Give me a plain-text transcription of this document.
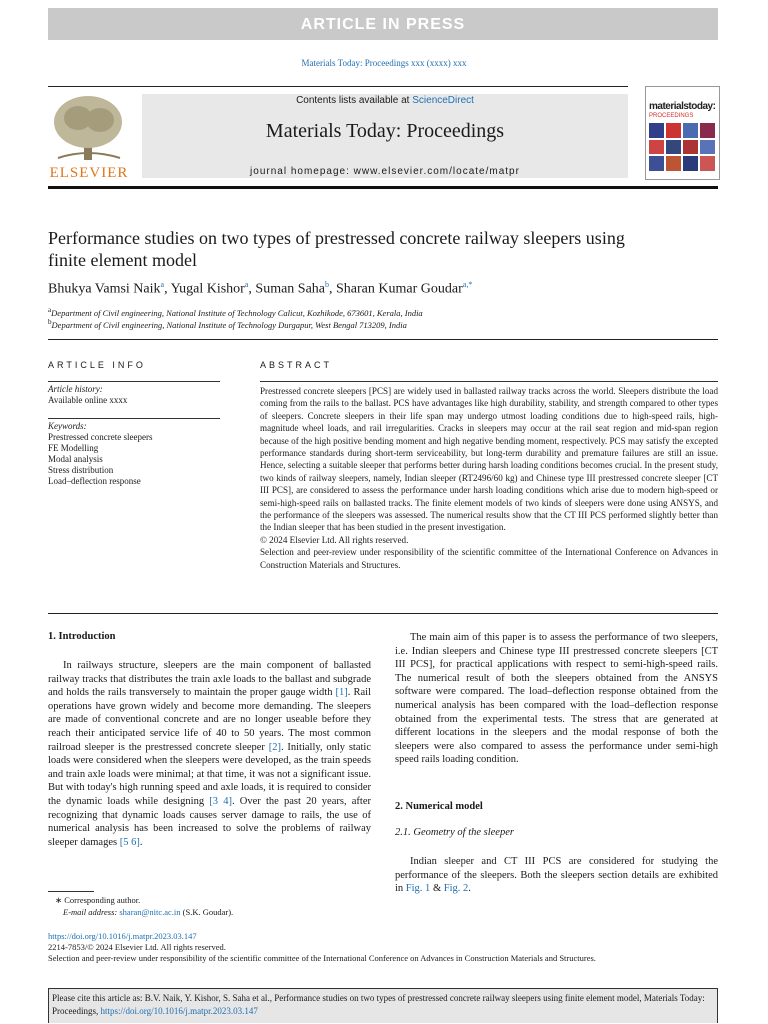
ARTICLE IN PRESS
Materials Today: Proceedings xxx (xxxx) xxx
ELSEVIER
Contents lists available at ScienceDirect
Materials Today: Proceedings
journal homepage: www.elsevier.com/locate/matpr
materialstoday:
PROCEEDINGS
Performance studies on two types of prestressed concrete railway sleepers using finite element model
Bhukya Vamsi Naik$^a$, Yugal Kishor$^a$, Suman Saha$^b$, Sharan Kumar Goudar$^{a,*}$
$^a$Department of Civil engineering, National Institute of Technology Calicut, Kozhikode, 673601, Kerala, India
$^b$Department of Civil engineering, National Institute of Technology Durgapur, West Bengal 713209, India
ARTICLE INFO
Article history:
Available online xxxx
Keywords:
Prestressed concrete sleepers
FE Modelling
Modal analysis
Stress distribution
Load–deflection response
ABSTRACT

Prestressed concrete sleepers [PCS] are widely used in ballasted railway tracks across the world. Sleepers distribute the load coming from the rails to the ballast. PCS have advantages like high durability, stability, and strength compared to other types of sleepers. Concrete sleepers in their life span may undergo utmost loading conditions due to high-speed rails, high-magnitude wheel loads, and rail irregularities. Cracks in sleepers may occur at the rail seat region and mid-span region because of the high positive bending moment and high negative bending moment, respectively. PCS may satisfy the excepted performance standards during short-term serviceability, but long-term durability and premature failures are still an issue. Hence, selecting a suitable sleeper that performs better during harsh loading conditions becomes crucial. In the present study, two kinds of railway sleepers, namely, Indian sleeper (RT2496/60 kg) and Chinese type III prestressed concrete sleeper [CT III PCS], are considered to assess the performance under harsh loading conditions which arise due to modern high-speed or semi-high-speed rails on ballasted tracks. The finite element models of two kinds of sleepers were done using ANSYS, and the performance of the sleepers was assessed. The numerical results show that the CT III PCS performed slightly better than the Indian sleeper that has been studied in the present investigation.

© 2024 Elsevier Ltd. All rights reserved.

Selection and peer-review under responsibility of the scientific committee of the International Conference on Advances in Construction Materials and Structures.

1. Introduction

In railways structure, sleepers are the main component of ballasted railway tracks that distributes the train axle loads to the ballast and subgrade and holds the rails transversely to maintain the proper gauge width [1]. Rail operations have grown widely and become more demanding. The sleepers are made of conventional concrete and are no longer useable before they reach their anticipated service life of 40 to 50 years. The most common railroad sleeper is the prestressed concrete sleeper [2]. Initially, only static loads were considered when the sleepers were developed, as the train speeds and train axle loads were minimal; at that time, it was not a significant issue. But with today's high running speed and axle loads, it is required to consider the dynamic loads while designing [3 4]. Over the past 20 years, after recognizing that dynamic loads causes server damage to rails, the use of numerical analysis has been increased to solve the problems of railway sleeper damages [5 6].

∗ Corresponding author.
E-mail address: sharan@nitc.ac.in (S.K. Goudar).

The main aim of this paper is to assess the performance of two sleepers, i.e. Indian sleepers and Chinese type III prestressed concrete sleepers [CT III PCS], for practical applications with respect to semi-high-speed rails. The numerical result of both the sleepers obtained from the ANSYS software were compared. The load–deflection response obtained from the numerical analysis has been compared with the load–deflection response obtained from the experimental tests. The stress that are generated at different locations in the sleepers and the modal response of both the sleepers were also compared to assess the performance under semi-high speed rails loading condition.

2. Numerical model
2.1. Geometry of the sleeper

Indian sleeper and CT III PCS are considered for studying the performance of the sleepers. Both the sleepers section details are exhibited in Fig. 1 & Fig. 2.

https://doi.org/10.1016/j.matpr.2023.03.147
2214-7853/© 2024 Elsevier Ltd. All rights reserved.
Selection and peer-review under responsibility of the scientific committee of the International Conference on Advances in Construction Materials and Structures.
Please cite this article as: B.V. Naik, Y. Kishor, S. Saha et al., Performance studies on two types of prestressed concrete railway sleepers using finite element model, Materials Today: Proceedings, https://doi.org/10.1016/j.matpr.2023.03.147
